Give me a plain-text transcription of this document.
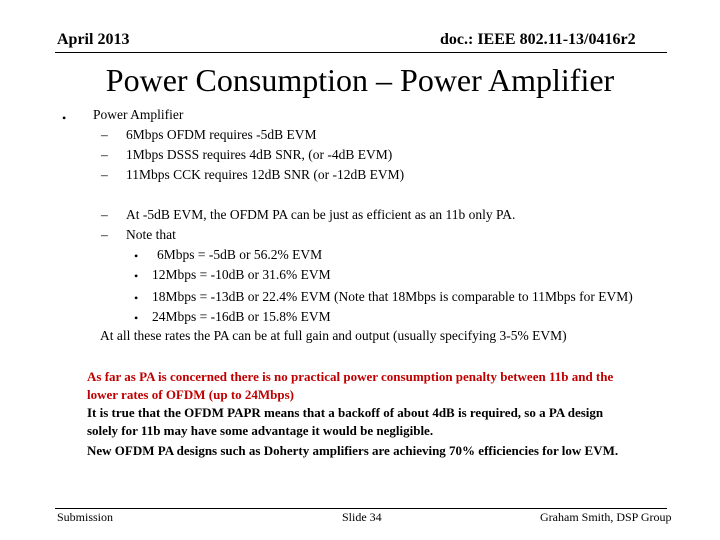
April 2013	doc.: IEEE 802.11-13/0416r2
Power Consumption – Power Amplifier
• Power Amplifier
– 6Mbps OFDM requires -5dB EVM
– 1Mbps DSSS requires 4dB SNR, (or -4dB EVM)
– 11Mbps CCK requires 12dB SNR (or -12dB EVM)
– At -5dB EVM, the OFDM PA can be just as efficient as an 11b only PA.
– Note that
• 6Mbps = -5dB or 56.2% EVM
• 12Mbps = -10dB or 31.6% EVM
• 18Mbps = -13dB or 22.4% EVM (Note that 18Mbps is comparable to 11Mbps for EVM)
• 24Mbps = -16dB or 15.8% EVM
At all these rates the PA can be at full gain and output (usually specifying 3-5% EVM)
As far as PA is concerned there is no practical power consumption penalty between 11b and the
lower rates of OFDM (up to 24Mbps)
It is true that the OFDM PAPR means that a backoff of about 4dB is required, so a PA design
solely for 11b may have some advantage it would be negligible.
New OFDM PA designs such as Doherty amplifiers are achieving 70% efficiencies for low EVM.
Submission	Slide 34	Graham Smith, DSP Group
